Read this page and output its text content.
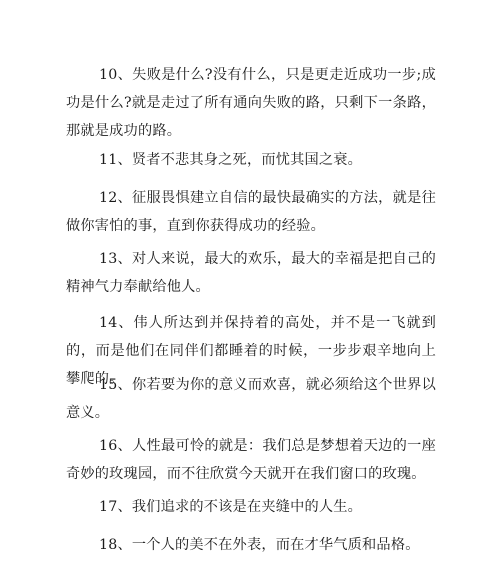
10、失败是什么?没有什么，只是更走近成功一步;成功是什么?就是走过了所有通向失败的路，只剩下一条路，那就是成功的路。

11、贤者不悲其身之死，而忧其国之衰。

12、征服畏惧建立自信的最快最确实的方法，就是往做你害怕的事，直到你获得成功的经验。

13、对人来说，最大的欢乐，最大的幸福是把自己的精神气力奉献给他人。

14、伟人所达到并保持着的高处，并不是一飞就到的，而是他们在同伴们都睡着的时候，一步步艰辛地向上攀爬的。

15、你若要为你的意义而欢喜，就必须给这个世界以意义。

16、人性最可怜的就是：我们总是梦想着天边的一座奇妙的玫瑰园，而不往欣赏今天就开在我们窗口的玫瑰。

17、我们追求的不该是在夹缝中的人生。

18、一个人的美不在外表，而在才华气质和品格。
